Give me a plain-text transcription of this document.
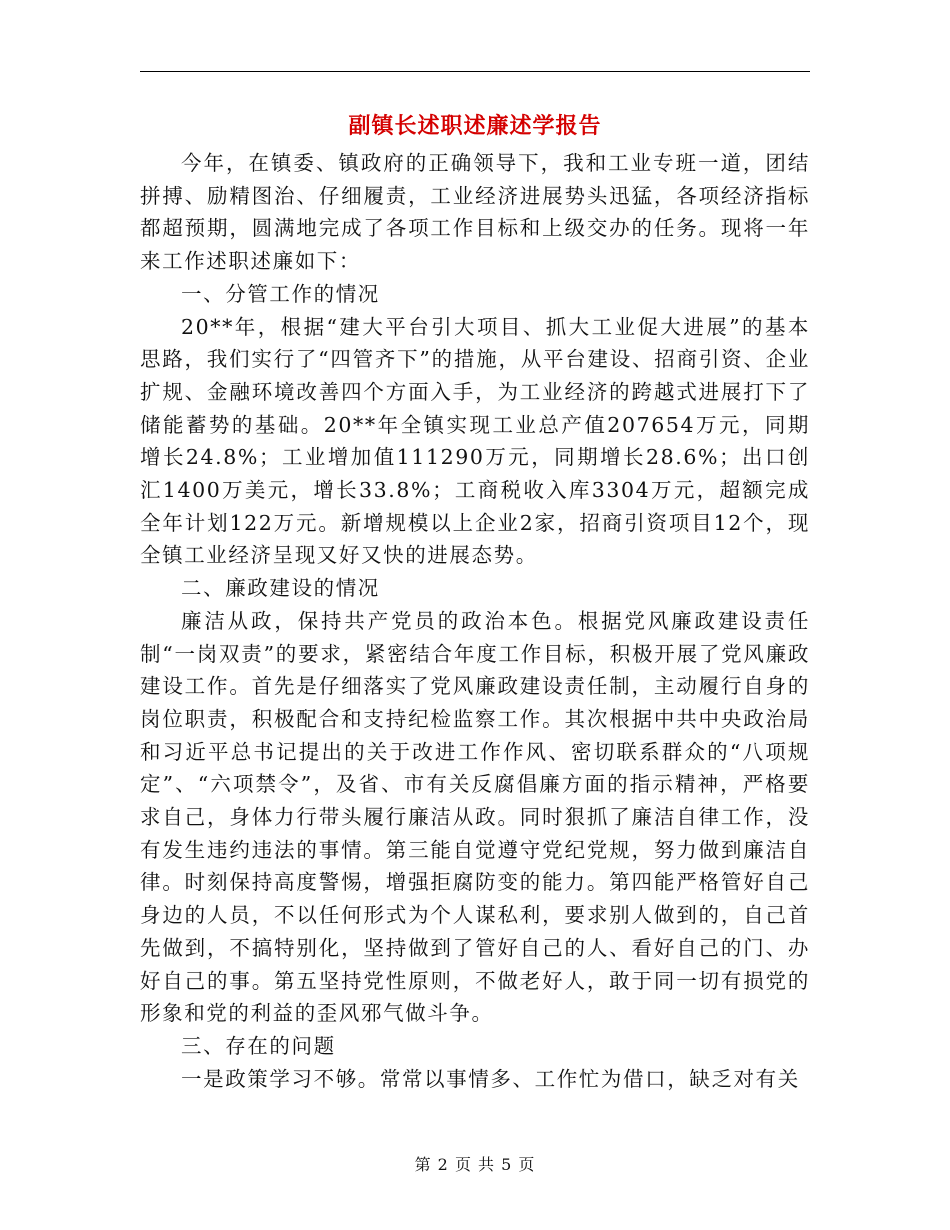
副镇长述职述廉述学报告

今年，在镇委、镇政府的正确领导下，我和工业专班一道，团结拼搏、励精图治、仔细履责，工业经济进展势头迅猛，各项经济指标都超预期，圆满地完成了各项工作目标和上级交办的任务。现将一年来工作述职述廉如下：

一、分管工作的情况

20**年，根据“建大平台引大项目、抓大工业促大进展”的基本思路，我们实行了“四管齐下”的措施，从平台建设、招商引资、企业扩规、金融环境改善四个方面入手，为工业经济的跨越式进展打下了储能蓄势的基础。20**年全镇实现工业总产值207654万元，同期增长24.8%；工业增加值111290万元，同期增长28.6%；出口创汇1400万美元，增长33.8%；工商税收入库3304万元，超额完成全年计划122万元。新增规模以上企业2家，招商引资项目12个，现全镇工业经济呈现又好又快的进展态势。

二、廉政建设的情况

廉洁从政，保持共产党员的政治本色。根据党风廉政建设责任制“一岗双责”的要求，紧密结合年度工作目标，积极开展了党风廉政建设工作。首先是仔细落实了党风廉政建设责任制，主动履行自身的岗位职责，积极配合和支持纪检监察工作。其次根据中共中央政治局和习近平总书记提出的关于改进工作作风、密切联系群众的“八项规定”、“六项禁令”，及省、市有关反腐倡廉方面的指示精神，严格要求自己，身体力行带头履行廉洁从政。同时狠抓了廉洁自律工作，没有发生违约违法的事情。第三能自觉遵守党纪党规，努力做到廉洁自律。时刻保持高度警惕，增强拒腐防变的能力。第四能严格管好自己身边的人员，不以任何形式为个人谋私利，要求别人做到的，自己首先做到，不搞特别化，坚持做到了管好自己的人、看好自己的门、办好自己的事。第五坚持党性原则，不做老好人，敢于同一切有损党的形象和党的利益的歪风邪气做斗争。

三、存在的问题

一是政策学习不够。常常以事情多、工作忙为借口，缺乏对有关

第 2 页 共 5 页
